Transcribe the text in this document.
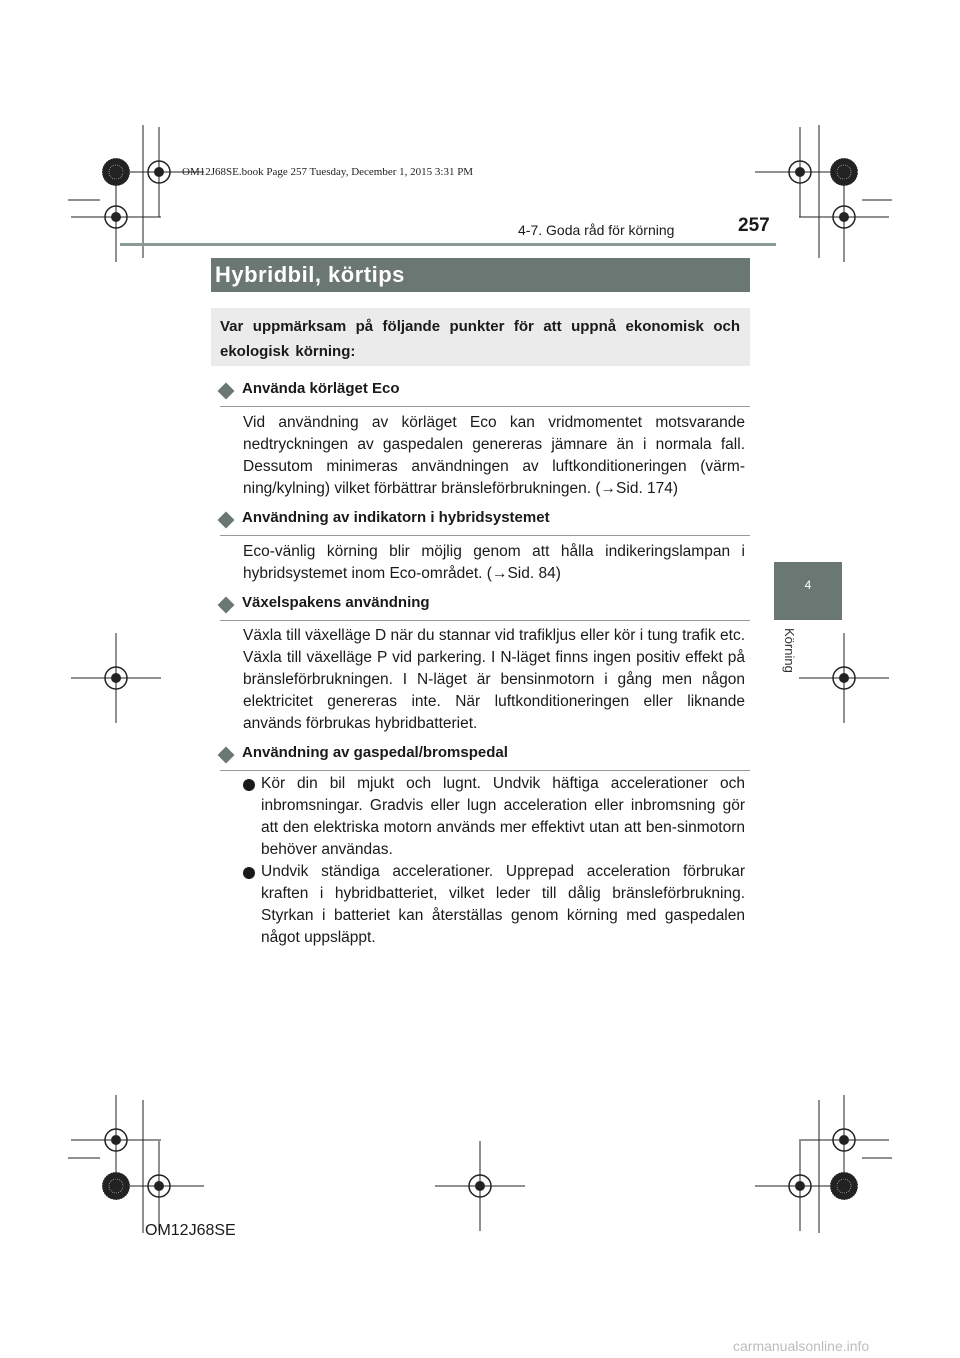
OM12J68SE.book Page 257 Tuesday, December 1, 2015 3:31 PM
4-7. Goda råd för körning	257
4
Körning
Hybridbil, körtips
Var uppmärksam på följande punkter för att uppnå ekonomisk och ekologisk körning:
Använda körläget Eco
Vid användning av körläget Eco kan vridmomentet motsvarande nedtryckningen av gaspedalen genereras jämnare än i normala fall. Dessutom minimeras användningen av luftkonditioneringen (värm-ning/kylning) vilket förbättrar bränsleförbrukningen. (→Sid. 174)
Användning av indikatorn i hybridsystemet
Eco-vänlig körning blir möjlig genom att hålla indikeringslampan i hybridsystemet inom Eco-området. (→Sid. 84)
Växelspakens användning
Växla till växelläge D när du stannar vid trafikljus eller kör i tung trafik etc. Växla till växelläge P vid parkering. I N-läget finns ingen positiv effekt på bränsleförbrukningen. I N-läget är bensinmotorn i gång men någon elektricitet genereras inte. När luftkonditioneringen eller liknande används förbrukas hybridbatteriet.
Användning av gaspedal/bromspedal
Kör din bil mjukt och lugnt. Undvik häftiga accelerationer och inbromsningar. Gradvis eller lugn acceleration eller inbromsning gör att den elektriska motorn används mer effektivt utan att ben-sinmotorn behöver användas.
Undvik ständiga accelerationer. Upprepad acceleration förbrukar kraften i hybridbatteriet, vilket leder till dålig bränsleförbrukning. Styrkan i batteriet kan återställas genom körning med gaspedalen något uppsläppt.
OM12J68SE
carmanualsonline.info
